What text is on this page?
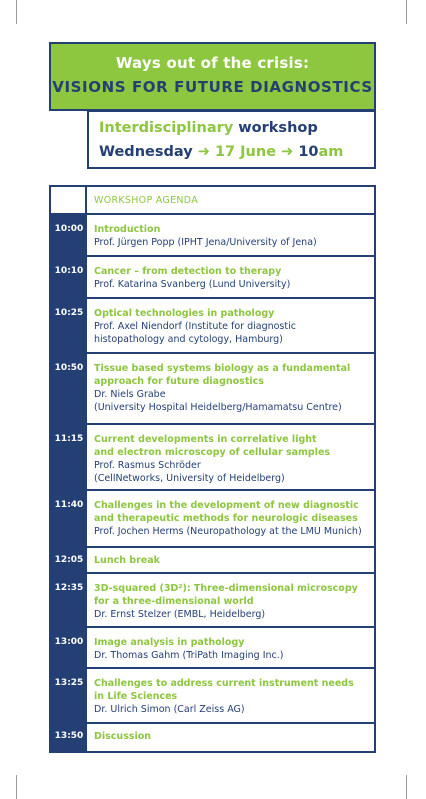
Ways out of the crisis:
VISIONS FOR FUTURE DIAGNOSTICS
Interdisciplinary workshop
Wednesday ➜ 17 June ➜ 10am
WORKSHOP AGENDA
10:00	Introduction
Prof. Jürgen Popp (IPHT Jena/University of Jena)
10:10	Cancer – from detection to therapy
Prof. Katarina Svanberg (Lund University)
10:25	Optical technologies in pathology
Prof. Axel Niendorf (Institute for diagnostic
histopathology and cytology, Hamburg)
10:50	Tissue based systems biology as a fundamental
approach for future diagnostics
Dr. Niels Grabe
(University Hospital Heidelberg/Hamamatsu Centre)
11:15	Current developments in correlative light
and electron microscopy of cellular samples
Prof. Rasmus Schröder
(CellNetworks, University of Heidelberg)
11:40	Challenges in the development of new diagnostic
and therapeutic methods for neurologic diseases
Prof. Jochen Herms (Neuropathology at the LMU Munich)
12:05	Lunch break
12:35	3D-squared (3D²): Three-dimensional microscopy
for a three-dimensional world
Dr. Ernst Stelzer (EMBL, Heidelberg)
13:00	Image analysis in pathology
Dr. Thomas Gahm (TriPath Imaging Inc.)
13:25	Challenges to address current instrument needs
in Life Sciences
Dr. Ulrich Simon (Carl Zeiss AG)
13:50	Discussion
